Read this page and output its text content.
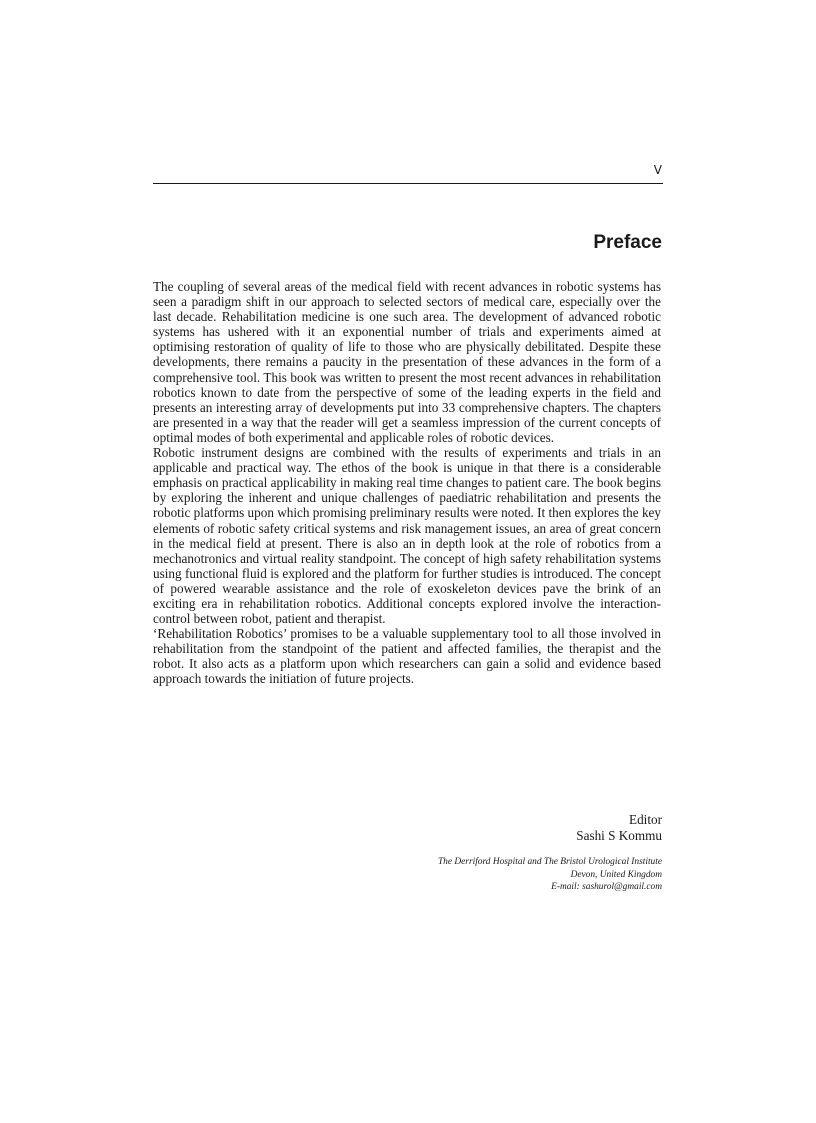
V
Preface

The coupling of several areas of the medical field with recent advances in robotic systems has seen a paradigm shift in our approach to selected sectors of medical care, especially over the last decade. Rehabilitation medicine is one such area. The development of advanced robotic systems has ushered with it an exponential number of trials and experiments aimed at optimising restoration of quality of life to those who are physically debilitated. Despite these developments, there remains a paucity in the presentation of these advances in the form of a comprehensive tool. This book was written to present the most recent advances in rehabilitation robotics known to date from the perspective of some of the leading experts in the field and presents an interesting array of developments put into 33 comprehensive chapters. The chapters are presented in a way that the reader will get a seamless impression of the current concepts of optimal modes of both experimental and applicable roles of robotic devices.

Robotic instrument designs are combined with the results of experiments and trials in an applicable and practical way. The ethos of the book is unique in that there is a considerable emphasis on practical applicability in making real time changes to patient care. The book begins by exploring the inherent and unique challenges of paediatric rehabilitation and presents the robotic platforms upon which promising preliminary results were noted. It then explores the key elements of robotic safety critical systems and risk management issues, an area of great concern in the medical field at present. There is also an in depth look at the role of robotics from a mechanotronics and virtual reality standpoint. The concept of high safety rehabilitation systems using functional fluid is explored and the platform for further studies is introduced. The concept of powered wearable assistance and the role of exoskeleton devices pave the brink of an exciting era in rehabilitation robotics. Additional concepts explored involve the interaction-control between robot, patient and therapist.

‘Rehabilitation Robotics’ promises to be a valuable supplementary tool to all those involved in rehabilitation from the standpoint of the patient and affected families, the therapist and the robot. It also acts as a platform upon which researchers can gain a solid and evidence based approach towards the initiation of future projects.

Editor
Sashi S Kommu
The Derriford Hospital and The Bristol Urological Institute
Devon, United Kingdom
E-mail: sashurol@gmail.com
